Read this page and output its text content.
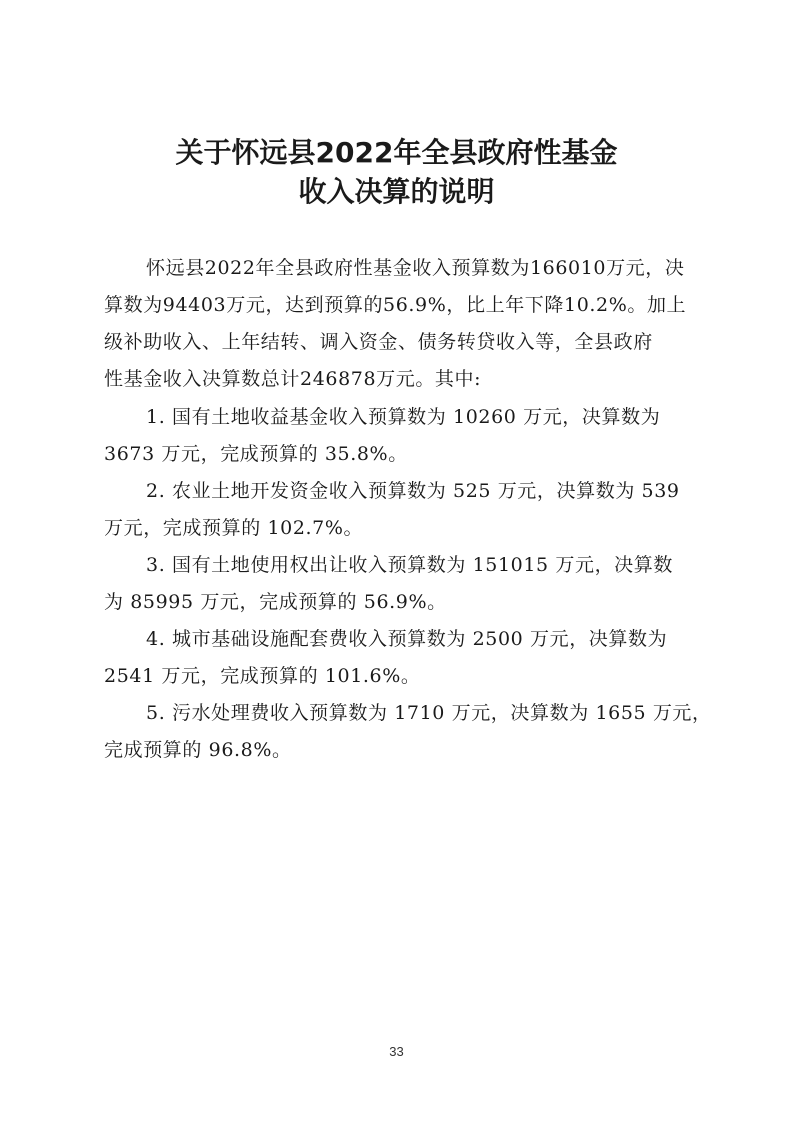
关于怀远县2022年全县政府性基金
收入决算的说明
怀远县2022年全县政府性基金收入预算数为166010万元，决
算数为94403万元，达到预算的56.9%，比上年下降10.2%。加上
级补助收入、上年结转、调入资金、债务转贷收入等，全县政府
性基金收入决算数总计246878万元。其中:
1. 国有土地收益基金收入预算数为 10260 万元，决算数为
3673 万元，完成预算的 35.8%。
2. 农业土地开发资金收入预算数为 525 万元，决算数为 539
万元，完成预算的 102.7%。
3. 国有土地使用权出让收入预算数为 151015 万元，决算数
为 85995 万元，完成预算的 56.9%。
4. 城市基础设施配套费收入预算数为 2500 万元，决算数为
2541 万元，完成预算的 101.6%。
5. 污水处理费收入预算数为 1710 万元，决算数为 1655 万元，
完成预算的 96.8%。
33
